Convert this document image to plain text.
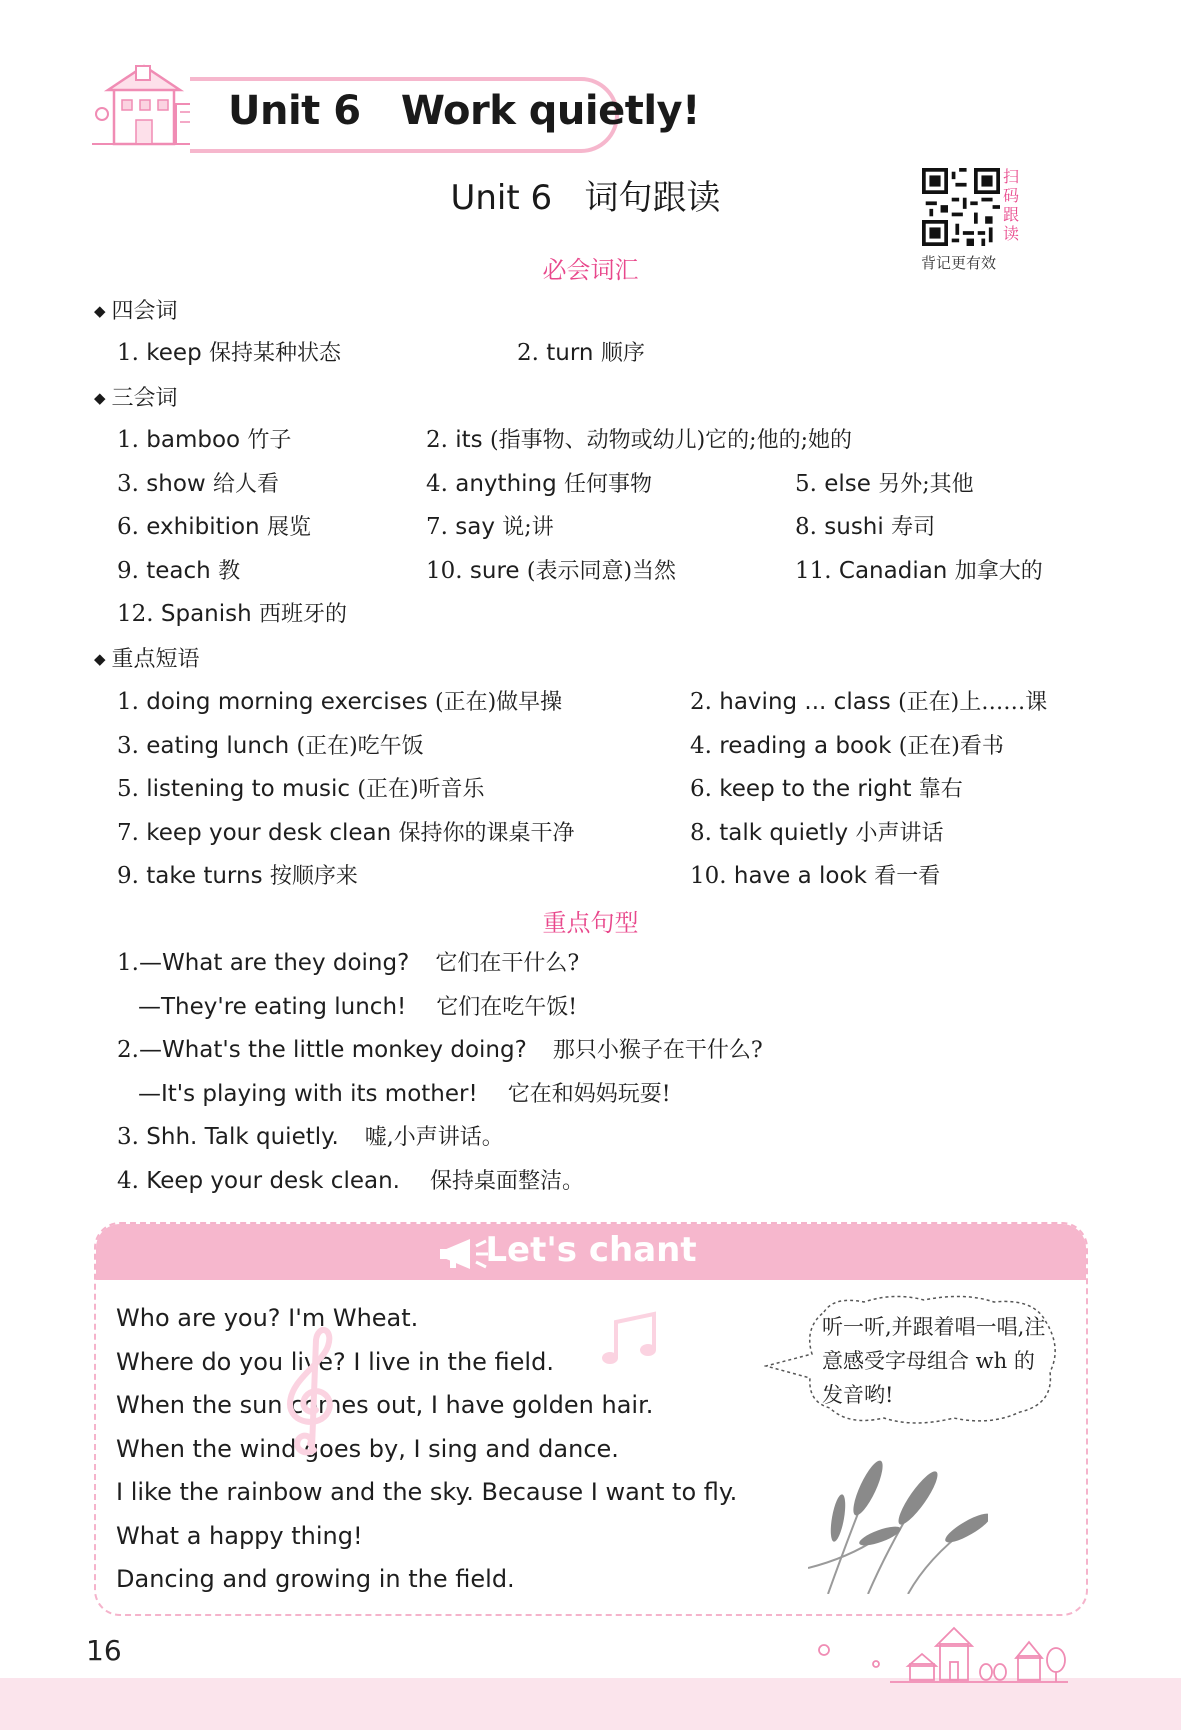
Unit 6   Work quietly!
Unit 6   词句跟读
扫
码
跟
读
背记更有效
必会词汇
◆ 四会词
1. keep 保持某种状态	2. turn 顺序
◆ 三会词
1. bamboo 竹子	2. its (指事物、动物或幼儿)它的;他的;她的
3. show 给人看	4. anything 任何事物	5. else 另外;其他
6. exhibition 展览	7. say 说;讲	8. sushi 寿司
9. teach 教	10. sure (表示同意)当然	11. Canadian 加拿大的
12. Spanish 西班牙的
◆ 重点短语
1. doing morning exercises (正在)做早操	2. having ... class (正在)上……课
3. eating lunch (正在)吃午饭	4. reading a book (正在)看书
5. listening to music (正在)听音乐	6. keep to the right 靠右
7. keep your desk clean 保持你的课桌干净	8. talk quietly 小声讲话
9. take turns 按顺序来	10. have a look 看一看
重点句型
1.—What are they doing? 它们在干什么?
—They're eating lunch! 它们在吃午饭!
2.—What's the little monkey doing? 那只小猴子在干什么?
—It's playing with its mother! 它在和妈妈玩耍!
3. Shh. Talk quietly. 嘘,小声讲话。
4. Keep your desk clean. 保持桌面整洁。
Let's chant
Who are you? I'm Wheat.
Where do you live? I live in the field.
When the sun comes out, I have golden hair.
When the wind goes by, I sing and dance.
I like the rainbow and the sky. Because I want to fly.
What a happy thing!
Dancing and growing in the field.
听一听,并跟着唱一唱,注意感受字母组合 wh 的发音哟!
16
